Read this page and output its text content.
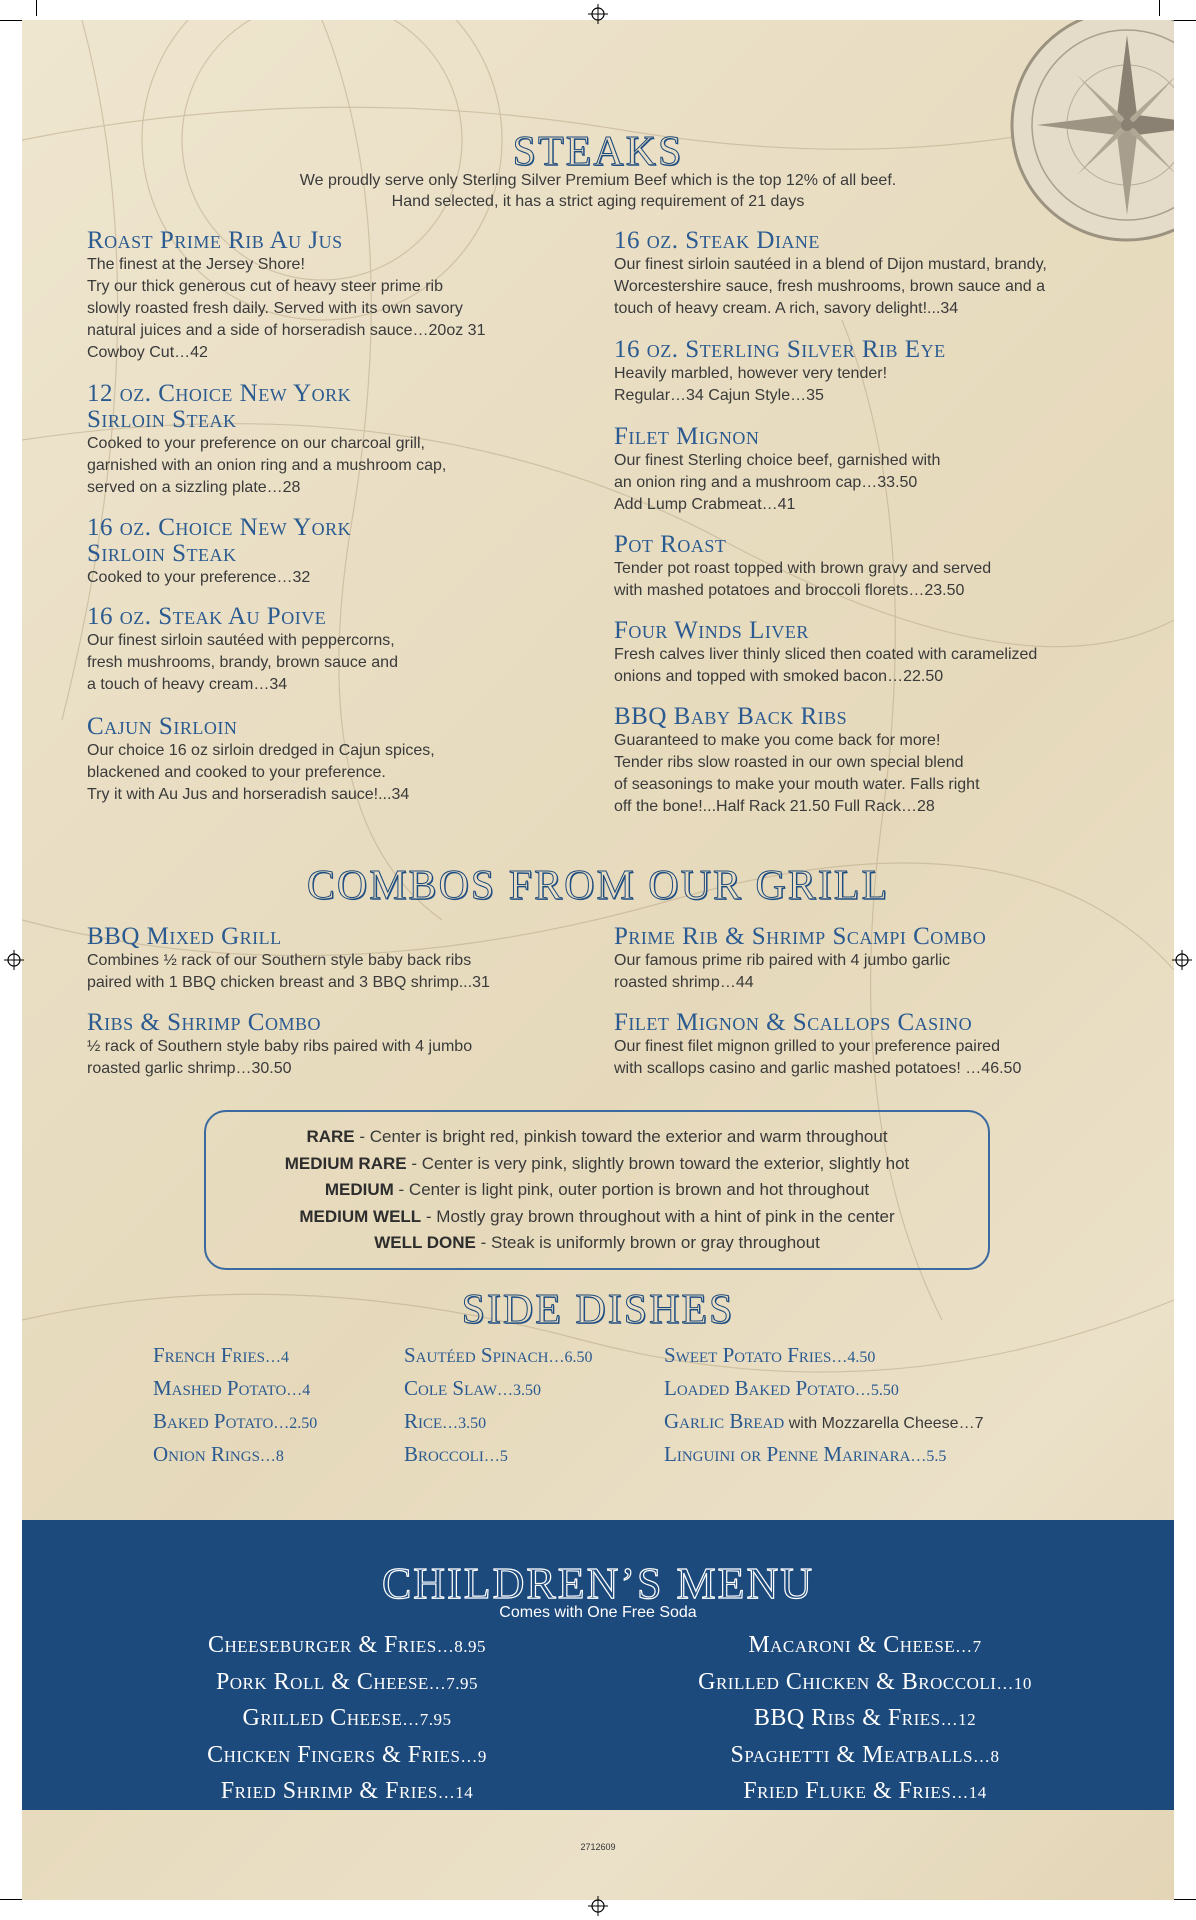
STEAKS
We proudly serve only Sterling Silver Premium Beef which is the top 12% of all beef.
Hand selected, it has a strict aging requirement of 21 days
Roast Prime Rib Au Jus
The finest at the Jersey Shore!
Try our thick generous cut of heavy steer prime rib
slowly roasted fresh daily. Served with its own savory
natural juices and a side of horseradish sauce…20oz 31
Cowboy Cut…42
12 oz. Choice New York
Sirloin Steak
Cooked to your preference on our charcoal grill,
garnished with an onion ring and a mushroom cap,
served on a sizzling plate…28
16 oz. Choice New York
Sirloin Steak
Cooked to your preference…32
16 oz. Steak Au Poive
Our finest sirloin sautéed with peppercorns,
fresh mushrooms, brandy, brown sauce and
a touch of heavy cream…34
Cajun Sirloin
Our choice 16 oz sirloin dredged in Cajun spices,
blackened and cooked to your preference.
Try it with Au Jus and horseradish sauce!...34
16 oz. Steak Diane
Our finest sirloin sautéed in a blend of Dijon mustard, brandy,
Worcestershire sauce, fresh mushrooms, brown sauce and a
touch of heavy cream. A rich, savory delight!...34
16 oz. Sterling Silver Rib Eye
Heavily marbled, however very tender!
Regular…34 Cajun Style…35
Filet Mignon
Our finest Sterling choice beef, garnished with
an onion ring and a mushroom cap…33.50
Add Lump Crabmeat…41
Pot Roast
Tender pot roast topped with brown gravy and served
with mashed potatoes and broccoli florets…23.50
Four Winds Liver
Fresh calves liver thinly sliced then coated with caramelized
onions and topped with smoked bacon…22.50
BBQ Baby Back Ribs
Guaranteed to make you come back for more!
Tender ribs slow roasted in our own special blend
of seasonings to make your mouth water. Falls right
off the bone!...Half Rack 21.50 Full Rack…28
COMBOS FROM OUR GRILL
BBQ Mixed Grill
Combines ½ rack of our Southern style baby back ribs
paired with 1 BBQ chicken breast and 3 BBQ shrimp...31
Ribs & Shrimp Combo
½ rack of Southern style baby ribs paired with 4 jumbo
roasted garlic shrimp…30.50
Prime Rib & Shrimp Scampi Combo
Our famous prime rib paired with 4 jumbo garlic
roasted shrimp…44
Filet Mignon & Scallops Casino
Our finest filet mignon grilled to your preference paired
with scallops casino and garlic mashed potatoes! …46.50
RARE - Center is bright red, pinkish toward the exterior and warm throughout
MEDIUM RARE - Center is very pink, slightly brown toward the exterior, slightly hot
MEDIUM - Center is light pink, outer portion is brown and hot throughout
MEDIUM WELL - Mostly gray brown throughout with a hint of pink in the center
WELL DONE - Steak is uniformly brown or gray throughout
SIDE DISHES
French Fries…4
Mashed Potato…4
Baked Potato…2.50
Onion Rings…8
Sautéed Spinach…6.50
Cole Slaw…3.50
Rice…3.50
Broccoli…5
Sweet Potato Fries…4.50
Loaded Baked Potato…5.50
Garlic Bread with Mozzarella Cheese…7
Linguini or Penne Marinara…5.5
CHILDREN’S MENU
Comes with One Free Soda
Cheeseburger & Fries…8.95
Pork Roll & Cheese…7.95
Grilled Cheese…7.95
Chicken Fingers & Fries…9
Fried Shrimp & Fries…14
Macaroni & Cheese…7
Grilled Chicken & Broccoli…10
BBQ Ribs & Fries…12
Spaghetti & Meatballs…8
Fried Fluke & Fries…14
2712609
